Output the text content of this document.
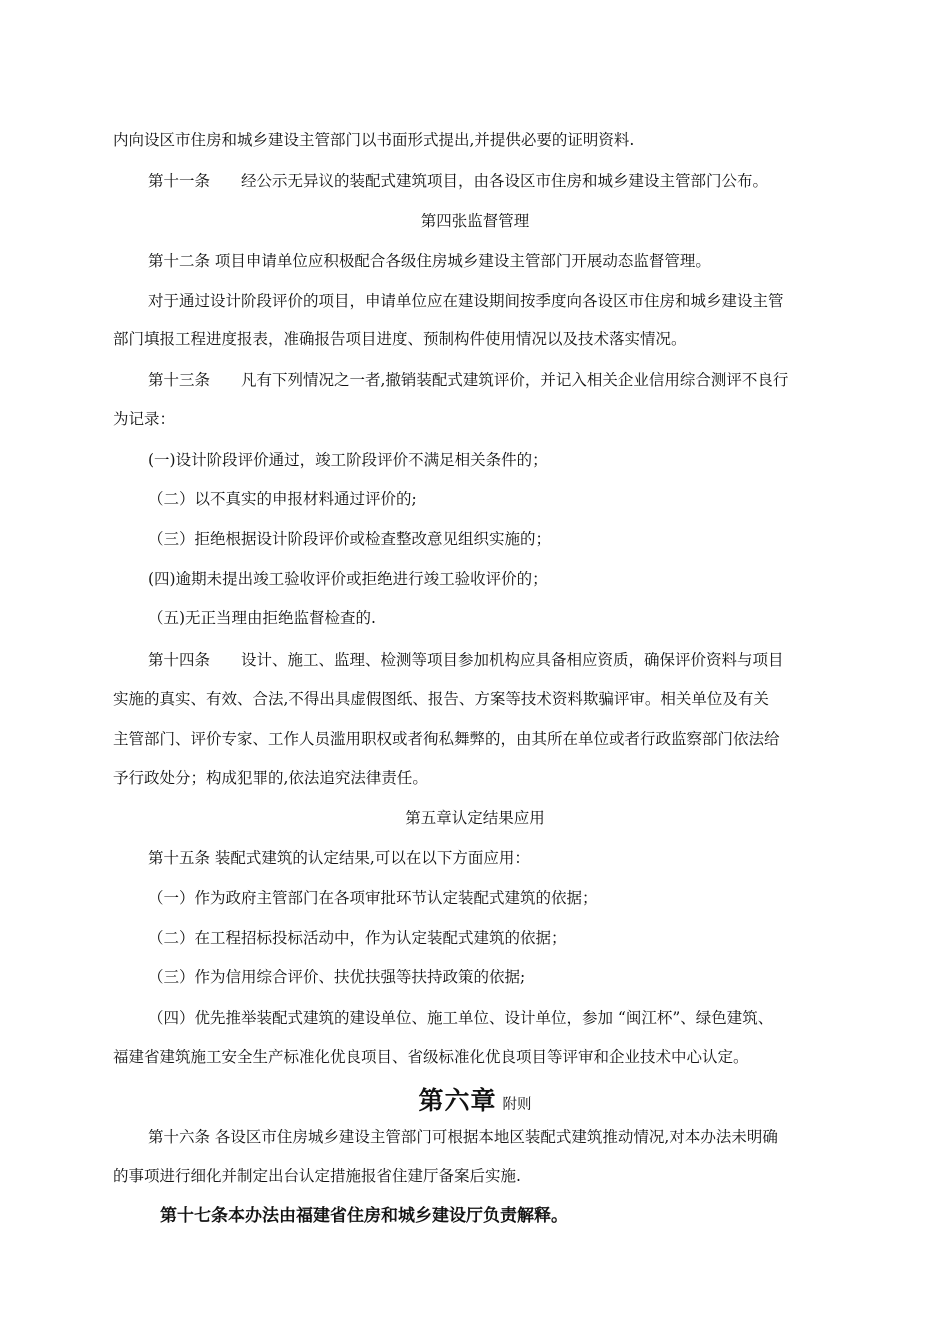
内向设区市住房和城乡建设主管部门以书面形式提出,并提供必要的证明资料.
第十一条　　经公示无异议的装配式建筑项目，由各设区市住房和城乡建设主管部门公布。
第四张监督管理
第十二条 项目申请单位应积极配合各级住房城乡建设主管部门开展动态监督管理。
对于通过设计阶段评价的项目，申请单位应在建设期间按季度向各设区市住房和城乡建设主管
部门填报工程进度报表，准确报告项目进度、预制构件使用情况以及技术落实情况。
第十三条　　凡有下列情况之一者,撤销装配式建筑评价，并记入相关企业信用综合测评不良行
为记录：
(一)设计阶段评价通过，竣工阶段评价不满足相关条件的；
（二）以不真实的申报材料通过评价的;
（三）拒绝根据设计阶段评价或检查整改意见组织实施的；
(四)逾期未提出竣工验收评价或拒绝进行竣工验收评价的；
（五)无正当理由拒绝监督检查的.
第十四条　　设计、施工、监理、检测等项目参加机构应具备相应资质，确保评价资料与项目
实施的真实、有效、合法,不得出具虚假图纸、报告、方案等技术资料欺骗评审。相关单位及有关
主管部门、评价专家、工作人员滥用职权或者徇私舞弊的，由其所在单位或者行政监察部门依法给
予行政处分；构成犯罪的,依法追究法律责任。
第五章认定结果应用
第十五条 装配式建筑的认定结果,可以在以下方面应用：
（一）作为政府主管部门在各项审批环节认定装配式建筑的依据；
（二）在工程招标投标活动中，作为认定装配式建筑的依据；
（三）作为信用综合评价、扶优扶强等扶持政策的依据;
（四）优先推举装配式建筑的建设单位、施工单位、设计单位，参加 “闽江杯”、绿色建筑、
福建省建筑施工安全生产标准化优良项目、省级标准化优良项目等评审和企业技术中心认定。
第六章 附则
第十六条 各设区市住房城乡建设主管部门可根据本地区装配式建筑推动情况,对本办法未明确
的事项进行细化并制定出台认定措施报省住建厅备案后实施.
第十七条本办法由福建省住房和城乡建设厅负责解释。
